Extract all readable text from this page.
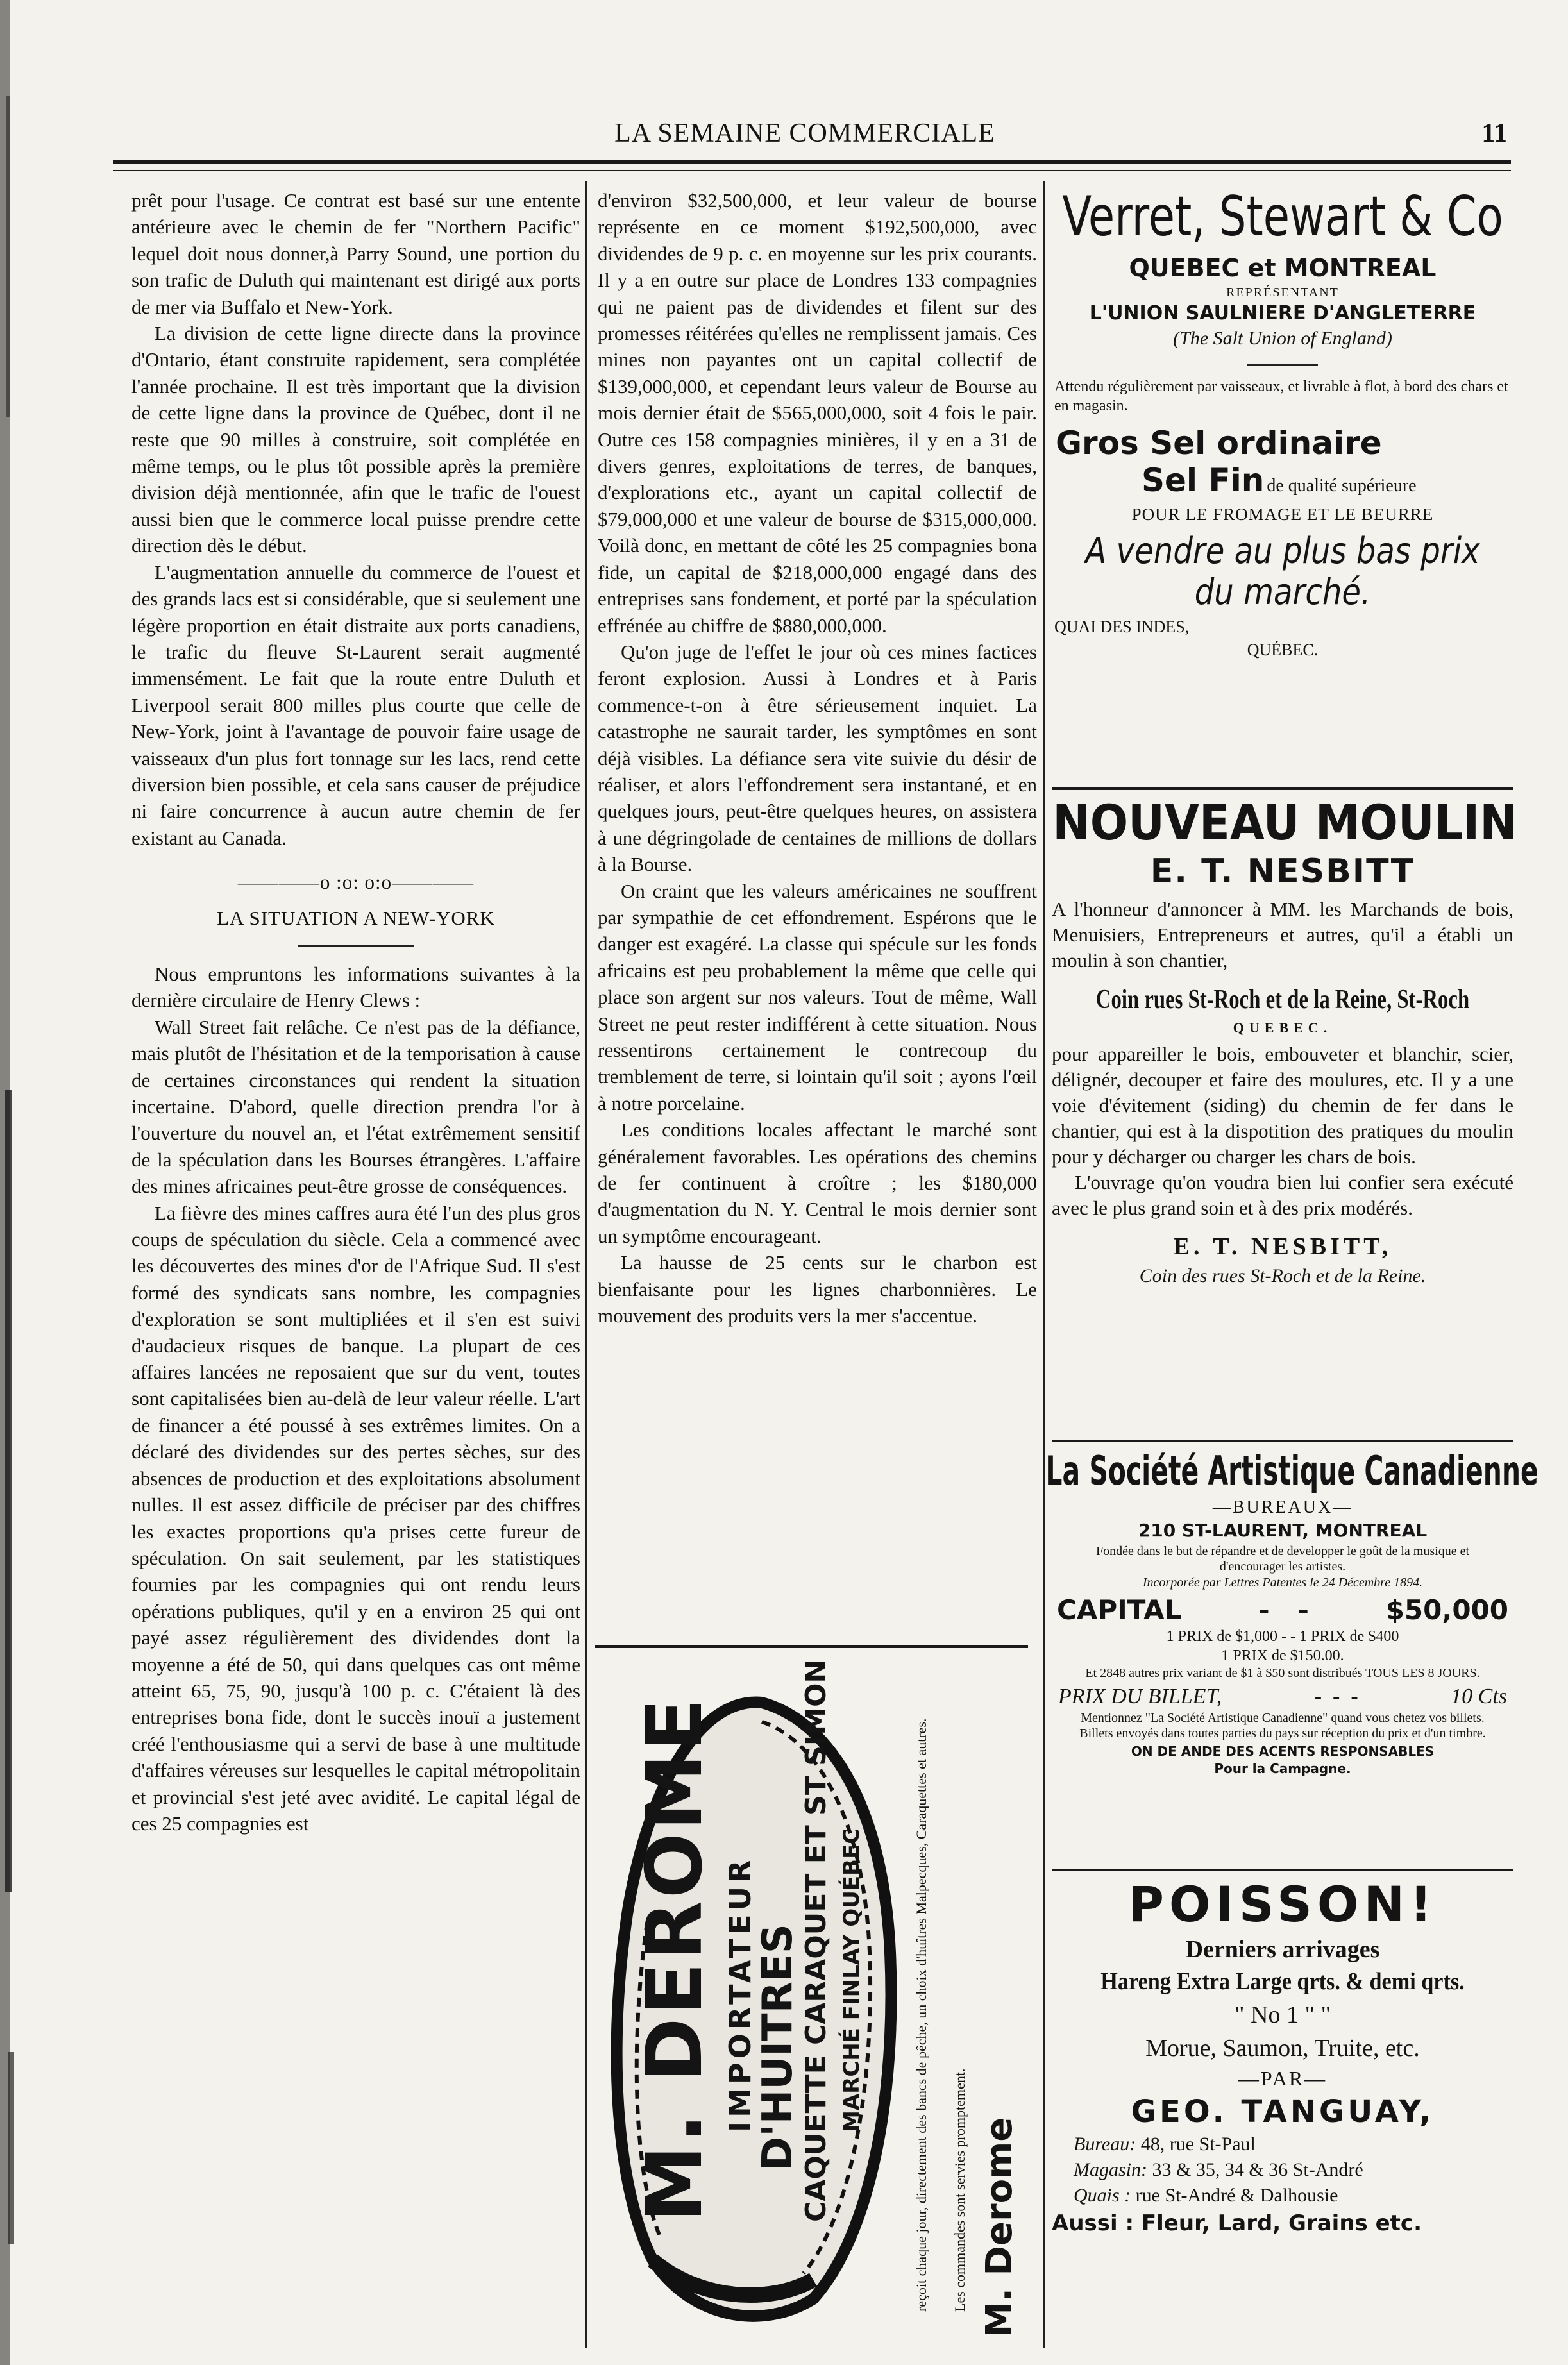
LA SEMAINE COMMERCIALE	11

prêt pour l'usage. Ce contrat est basé sur une entente antérieure avec le chemin de fer "Northern Pacific" lequel doit nous donner,à Parry Sound, une portion du son trafic de Duluth qui maintenant est dirigé aux ports de mer via Buffalo et New-York.

La division de cette ligne directe dans la province d'Ontario, étant construite rapidement, sera complétée l'année prochaine. Il est très important que la division de cette ligne dans la province de Québec, dont il ne reste que 90 milles à construire, soit complétée en même temps, ou le plus tôt possible après la première division déjà mentionnée, afin que le trafic de l'ouest aussi bien que le commerce local puisse prendre cette direction dès le début.

L'augmentation annuelle du commerce de l'ouest et des grands lacs est si considérable, que si seulement une légère proportion en était distraite aux ports canadiens, le trafic du fleuve St-Laurent serait augmenté immensément. Le fait que la route entre Duluth et Liverpool serait 800 milles plus courte que celle de New-York, joint à l'avantage de pouvoir faire usage de vaisseaux d'un plus fort tonnage sur les lacs, rend cette diversion bien possible, et cela sans causer de préjudice ni faire concurrence à aucun autre chemin de fer existant au Canada.

————o :o: o:o————

LA SITUATION A NEW-YORK

Nous empruntons les informations suivantes à la dernière circulaire de Henry Clews :

Wall Street fait relâche. Ce n'est pas de la défiance, mais plutôt de l'hésitation et de la temporisation à cause de certaines circonstances qui rendent la situation incertaine. D'abord, quelle direction prendra l'or à l'ouverture du nouvel an, et l'état extrêmement sensitif de la spéculation dans les Bourses étrangères. L'affaire des mines africaines peut-être grosse de conséquences.

La fièvre des mines caffres aura été l'un des plus gros coups de spéculation du siècle. Cela a commencé avec les découvertes des mines d'or de l'Afrique Sud. Il s'est formé des syndicats sans nombre, les compagnies d'exploration se sont multipliées et il s'en est suivi d'audacieux risques de banque. La plupart de ces affaires lancées ne reposaient que sur du vent, toutes sont capitalisées bien au-delà de leur valeur réelle. L'art de financer a été poussé à ses extrêmes limites. On a déclaré des dividendes sur des pertes sèches, sur des absences de production et des exploitations absolument nulles. Il est assez difficile de préciser par des chiffres les exactes proportions qu'a prises cette fureur de spéculation. On sait seulement, par les statistiques fournies par les compagnies qui ont rendu leurs opérations publiques, qu'il y en a environ 25 qui ont payé assez régulièrement des dividendes dont la moyenne a été de 50, qui dans quelques cas ont même atteint 65, 75, 90, jusqu'à 100 p. c. C'étaient là des entreprises bona fide, dont le succès inouï a justement créé l'enthousiasme qui a servi de base à une multitude d'affaires véreuses sur lesquelles le capital métropolitain et provincial s'est jeté avec avidité. Le capital légal de ces 25 compagnies est

d'environ $32,500,000, et leur valeur de bourse représente en ce moment $192,500,000, avec dividendes de 9 p. c. en moyenne sur les prix courants. Il y a en outre sur place de Londres 133 compagnies qui ne paient pas de dividendes et filent sur des promesses réitérées qu'elles ne remplissent jamais. Ces mines non payantes ont un capital collectif de $139,000,000, et cependant leurs valeur de Bourse au mois dernier était de $565,000,000, soit 4 fois le pair. Outre ces 158 compagnies minières, il y en a 31 de divers genres, exploitations de terres, de banques, d'explorations etc., ayant un capital collectif de $79,000,000 et une valeur de bourse de $315,000,000. Voilà donc, en mettant de côté les 25 compagnies bona fide, un capital de $218,000,000 engagé dans des entreprises sans fondement, et porté par la spéculation effrénée au chiffre de $880,000,000.

Qu'on juge de l'effet le jour où ces mines factices feront explosion. Aussi à Londres et à Paris commence-t-on à être sérieusement inquiet. La catastrophe ne saurait tarder, les symptômes en sont déjà visibles. La défiance sera vite suivie du désir de réaliser, et alors l'effondrement sera instantané, et en quelques jours, peut-être quelques heures, on assistera à une dégringolade de centaines de millions de dollars à la Bourse.

On craint que les valeurs américaines ne souffrent par sympathie de cet effondrement. Espérons que le danger est exagéré. La classe qui spécule sur les fonds africains est peu probablement la même que celle qui place son argent sur nos valeurs. Tout de même, Wall Street ne peut rester indifférent à cette situation. Nous ressentirons certainement le contrecoup du tremblement de terre, si lointain qu'il soit ; ayons l'œil à notre porcelaine.

Les conditions locales affectant le marché sont généralement favorables. Les opérations des chemins de fer continuent à croître ; les $180,000 d'augmentation du N. Y. Central le mois dernier sont un symptôme encourageant.

La hausse de 25 cents sur le charbon est bienfaisante pour les lignes charbonnières. Le mouvement des produits vers la mer s'accentue.

M. DEROME IMPORTATEUR
D'HUITRES
CAQUETTE CARAQUET ET ST SIMON MARCHÉ FINLAY QUÉBEC	reçoit chaque jour, directement des bancs de pêche, un choix d'huîtres Malpecques, Caraquettes et autres. Les commandes sont servies promptement. M. Derome
Verret, Stewart & Co
QUEBEC et MONTREAL
REPRÉSENTANT
L'UNION SAULNIERE D'ANGLETERRE
(The Salt Union of England)
Attendu régulièrement par vaisseaux, et livrable à flot, à bord des chars et en magasin.
Gros Sel ordinaire
Sel Fin de qualité supérieure
POUR LE FROMAGE ET LE BEURRE
A vendre au plus bas prix
du marché.
QUAI DES INDES,
QUÉBEC.
NOUVEAU MOULIN
E. T. NESBITT
A l'honneur d'annoncer à MM. les Marchands de bois, Menuisiers, Entrepreneurs et autres, qu'il a établi un moulin à son chantier,
Coin rues St-Roch et de la Reine, St-Roch
QUEBEC.
pour appareiller le bois, embouveter et blanchir, scier, délignér, decouper et faire des moulures, etc. Il y a une voie d'évitement (siding) du chemin de fer dans le chantier, qui est à la dispotition des pratiques du moulin pour y décharger ou charger les chars de bois.
L'ouvrage qu'on voudra bien lui confier sera exécuté avec le plus grand soin et à des prix modérés.
E. T. NESBITT,
Coin des rues St-Roch et de la Reine.
La Société Artistique Canadienne
—BUREAUX—
210 ST-LAURENT, MONTREAL
Fondée dans le but de répandre et de developper le goût de la musique et d'encourager les artistes.
Incorporée par Lettres Patentes le 24 Décembre 1894.
CAPITAL	-   -	$50,000
1 PRIX de $1,000 - - 1 PRIX de $400
1 PRIX de $150.00.
Et 2848 autres prix variant de $1 à $50 sont distribués TOUS LES 8 JOURS.
PRIX DU BILLET,	-  -  -	10 Cts
Mentionnez "La Société Artistique Canadienne" quand vous chetez vos billets. Billets envoyés dans toutes parties du pays sur réception du prix et d'un timbre.
ON DE ANDE DES ACENTS RESPONSABLES
Pour la Campagne.
POISSON!
Derniers arrivages
Hareng Extra Large qrts. & demi qrts.
" No 1 " "
Morue, Saumon, Truite, etc.
—PAR—
GEO. TANGUAY,
Bureau: 48, rue St-Paul
Magasin: 33 & 35, 34 & 36 St-André
Quais : rue St-André & Dalhousie
Aussi : Fleur, Lard, Grains etc.
